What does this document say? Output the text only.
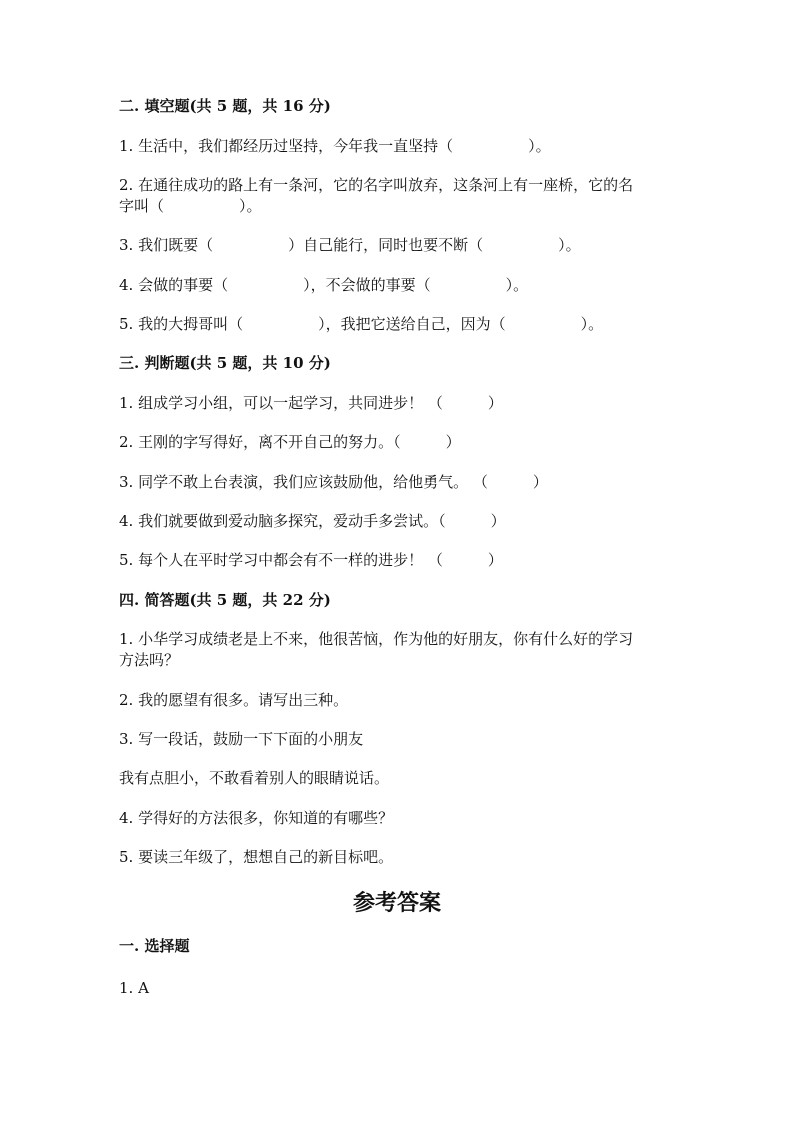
二. 填空题(共 5 题，共 16 分)
1. 生活中，我们都经历过坚持，今年我一直坚持（　　　　　）。
2. 在通往成功的路上有一条河，它的名字叫放弃，这条河上有一座桥，它的名
字叫（　　　　　）。
3. 我们既要（　　　　　）自己能行，同时也要不断（　　　　　）。
4. 会做的事要（　　　　　），不会做的事要（　　　　　）。
5. 我的大拇哥叫（　　　　　），我把它送给自己，因为（　　　　　）。
三. 判断题(共 5 题，共 10 分)
1. 组成学习小组，可以一起学习，共同进步！ （　　　）
2. 王刚的字写得好，离不开自己的努力。（　　　）
3. 同学不敢上台表演，我们应该鼓励他，给他勇气。 （　　　）
4. 我们就要做到爱动脑多探究，爱动手多尝试。（　　　）
5. 每个人在平时学习中都会有不一样的进步！ （　　　）
四. 简答题(共 5 题，共 22 分)
1. 小华学习成绩老是上不来，他很苦恼，作为他的好朋友，你有什么好的学习
方法吗？
2. 我的愿望有很多。请写出三种。
3. 写一段话，鼓励一下下面的小朋友
我有点胆小，不敢看着别人的眼睛说话。
4. 学得好的方法很多，你知道的有哪些？
5. 要读三年级了，想想自己的新目标吧。
参考答案
一. 选择题
1. A
